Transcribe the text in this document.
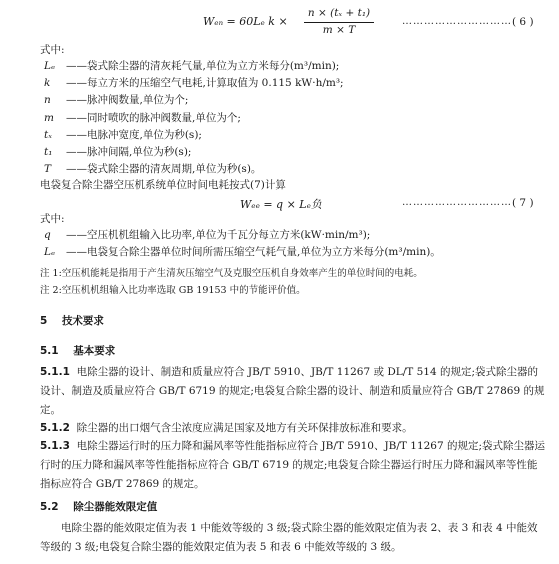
Wₑₙ = 60Lₑ k ×
n × (tₓ + t₁)
m × T
………………………… ( 6 )
式中:
Lₑ ——袋式除尘器的清灰耗气量,单位为立方米每分(m³/min);
k ——每立方米的压缩空气电耗,计算取值为 0.115 kW·h/m³;
n ——脉冲阀数量,单位为个;
m ——同时喷吹的脉冲阀数量,单位为个;
tₓ ——电脉冲宽度,单位为秒(s);
t₁ ——脉冲间隔,单位为秒(s);
T ——袋式除尘器的清灰周期,单位为秒(s)。
电袋复合除尘器空压机系统单位时间电耗按式(7)计算
Wₑₑ = q × Lₑ负	………………………… ( 7 )
式中:
q ——空压机机组输入比功率,单位为千瓦分每立方米(kW·min/m³);
Lₑ ——电袋复合除尘器单位时间所需压缩空气耗气量,单位为立方米每分(m³/min)。
注 1:空压机能耗是指用于产生清灰压缩空气及克服空压机自身效率产生的单位时间的电耗。
注 2:空压机机组输入比功率选取 GB 19153 中的节能评价值。
5 技术要求
5.1 基本要求
5.1.1 电除尘器的设计、制造和质量应符合 JB/T 5910、JB/T 11267 或 DL/T 514 的规定;袋式除尘器的设计、制造及质量应符合 GB/T 6719 的规定;电袋复合除尘器的设计、制造和质量应符合 GB/T 27869 的规定。
5.1.2 除尘器的出口烟气含尘浓度应满足国家及地方有关环保排放标准和要求。
5.1.3 电除尘器运行时的压力降和漏风率等性能指标应符合 JB/T 5910、JB/T 11267 的规定;袋式除尘器运行时的压力降和漏风率等性能指标应符合 GB/T 6719 的规定;电袋复合除尘器运行时压力降和漏风率等性能指标应符合 GB/T 27869 的规定。
5.2 除尘器能效限定值
电除尘器的能效限定值为表 1 中能效等级的 3 级;袋式除尘器的能效限定值为表 2、表 3 和表 4 中能效等级的 3 级;电袋复合除尘器的能效限定值为表 5 和表 6 中能效等级的 3 级。
